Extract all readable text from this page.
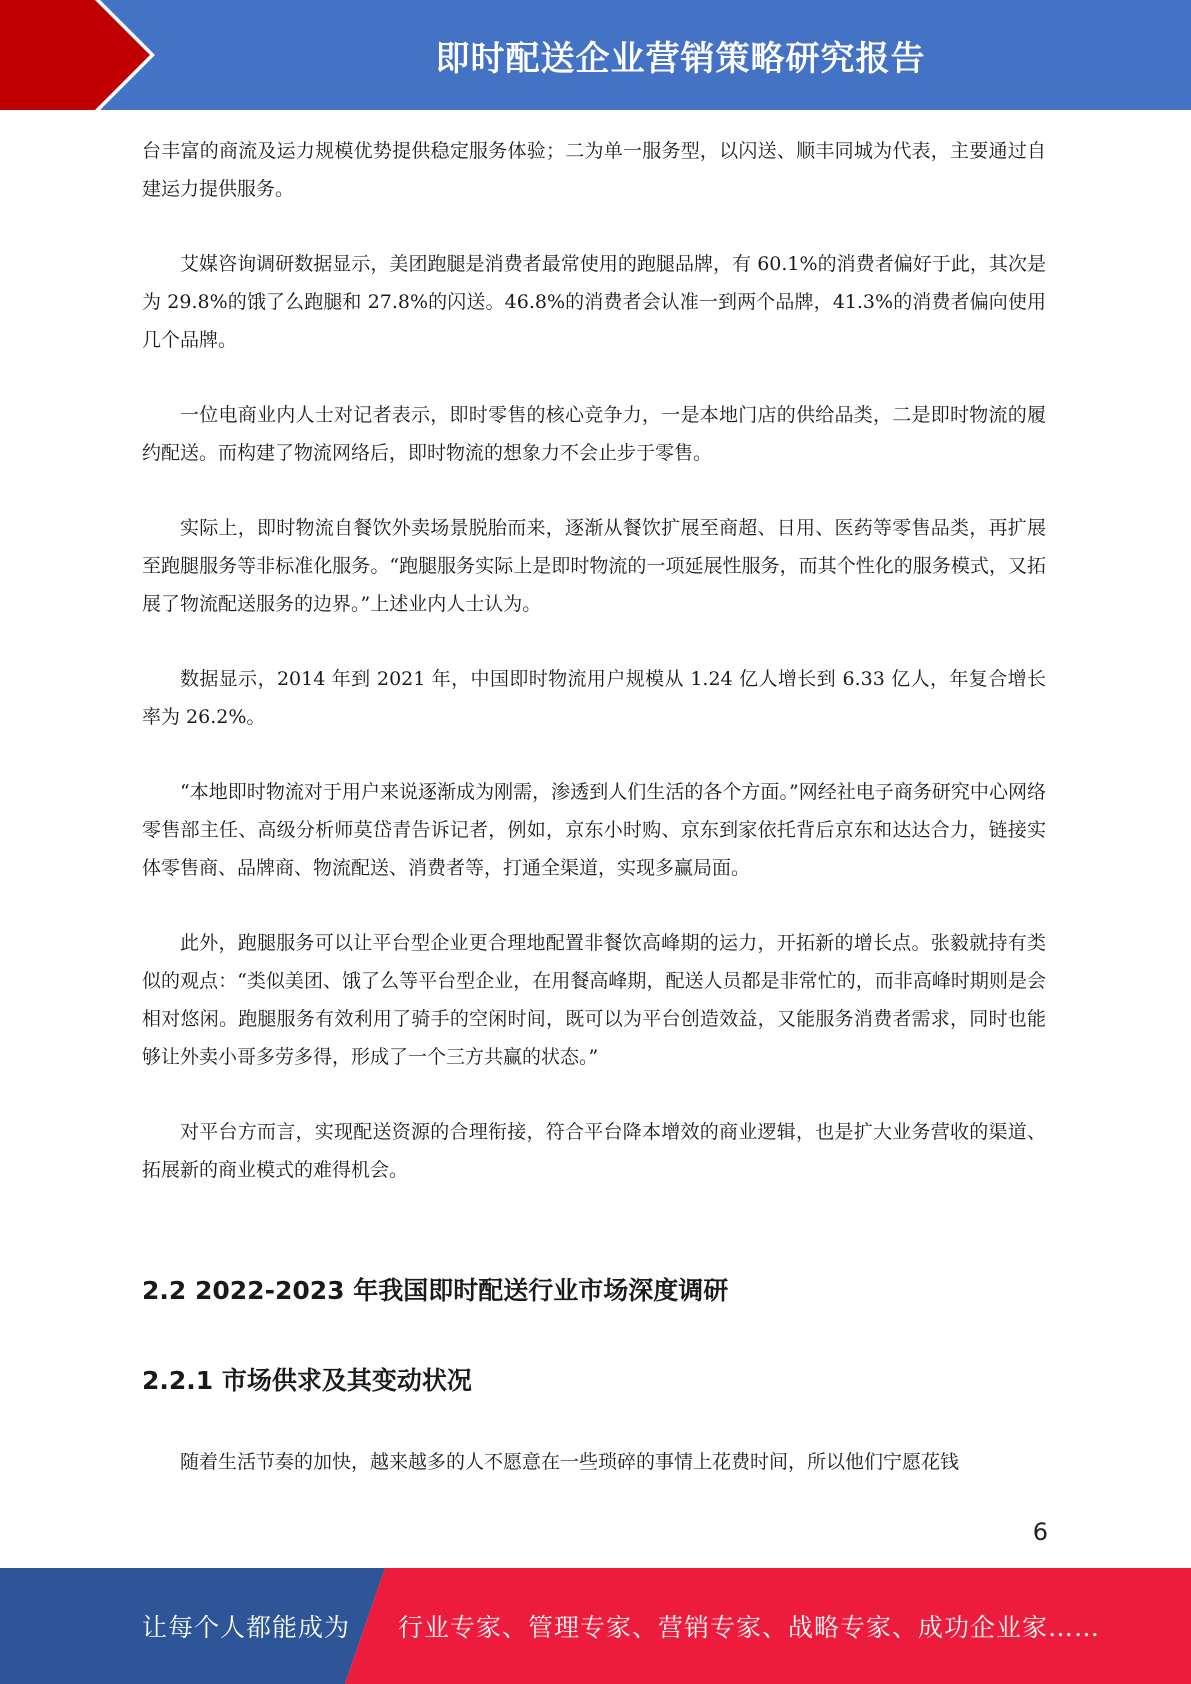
即时配送企业营销策略研究报告

台丰富的商流及运力规模优势提供稳定服务体验；二为单一服务型，以闪送、顺丰同城为代表，主要通过自建运力提供服务。

艾媒咨询调研数据显示，美团跑腿是消费者最常使用的跑腿品牌，有 60.1%的消费者偏好于此，其次是为 29.8%的饿了么跑腿和 27.8%的闪送。46.8%的消费者会认准一到两个品牌，41.3%的消费者偏向使用几个品牌。

一位电商业内人士对记者表示，即时零售的核心竞争力，一是本地门店的供给品类，二是即时物流的履约配送。而构建了物流网络后，即时物流的想象力不会止步于零售。

实际上，即时物流自餐饮外卖场景脱胎而来，逐渐从餐饮扩展至商超、日用、医药等零售品类，再扩展至跑腿服务等非标准化服务。“跑腿服务实际上是即时物流的一项延展性服务，而其个性化的服务模式，又拓展了物流配送服务的边界。”上述业内人士认为。

数据显示，2014 年到 2021 年，中国即时物流用户规模从 1.24 亿人增长到 6.33 亿人，年复合增长率为 26.2%。

“本地即时物流对于用户来说逐渐成为刚需，渗透到人们生活的各个方面。”网经社电子商务研究中心网络零售部主任、高级分析师莫岱青告诉记者，例如，京东小时购、京东到家依托背后京东和达达合力，链接实体零售商、品牌商、物流配送、消费者等，打通全渠道，实现多赢局面。

此外，跑腿服务可以让平台型企业更合理地配置非餐饮高峰期的运力，开拓新的增长点。张毅就持有类似的观点：“类似美团、饿了么等平台型企业，在用餐高峰期，配送人员都是非常忙的，而非高峰时期则是会相对悠闲。跑腿服务有效利用了骑手的空闲时间，既可以为平台创造效益，又能服务消费者需求，同时也能够让外卖小哥多劳多得，形成了一个三方共赢的状态。”

对平台方而言，实现配送资源的合理衔接，符合平台降本增效的商业逻辑，也是扩大业务营收的渠道、拓展新的商业模式的难得机会。

2.2 2022-2023 年我国即时配送行业市场深度调研
2.2.1 市场供求及其变动状况

随着生活节奏的加快，越来越多的人不愿意在一些琐碎的事情上花费时间，所以他们宁愿花钱

6
让每个人都能成为 行业专家、管理专家、营销专家、战略专家、成功企业家……
